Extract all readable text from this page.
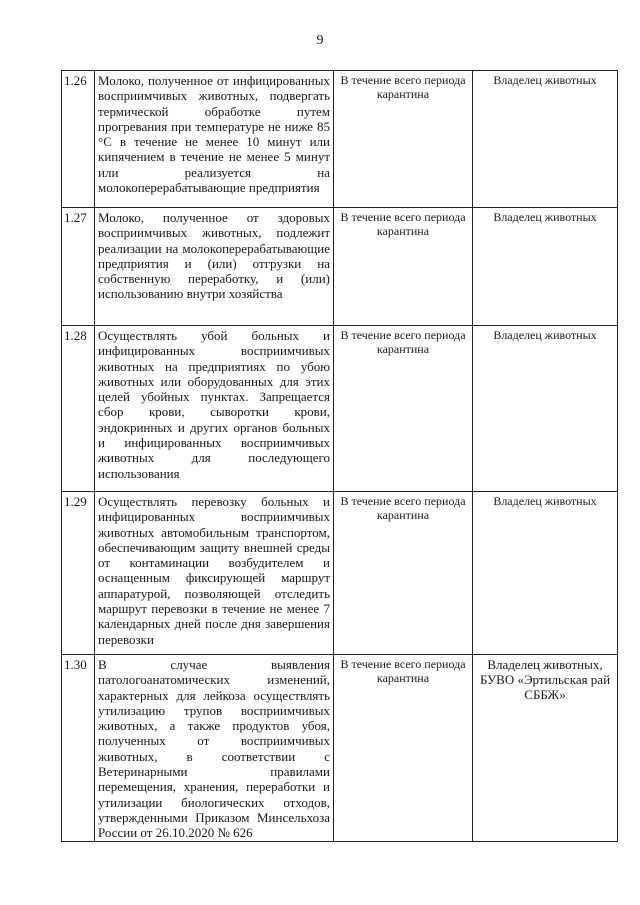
9
1.26	Молоко, полученное от инфицированных восприимчивых животных, подвергать термической обработке путем прогревания при температуре не ниже 85 °С в течение не менее 10 минут или кипячением в течение не менее 5 минут или реализуется на молокоперерабатывающие предприятия	В течение всего периода карантина	Владелец животных
1.27	Молоко, полученное от здоровых восприимчивых животных, подлежит реализации на молокоперерабатывающие предприятия и (или) отгрузки на собственную переработку, и (или) использованию внутри хозяйства	В течение всего периода карантина	Владелец животных
1.28	Осуществлять убой больных и инфицированных восприимчивых животных на предприятиях по убою животных или оборудованных для этих целей убойных пунктах. Запрещается сбор крови, сыворотки крови, эндокринных и других органов больных и инфицированных восприимчивых животных для последующего использования	В течение всего периода карантина	Владелец животных
1.29	Осуществлять перевозку больных и инфицированных восприимчивых животных автомобильным транспортом, обеспечивающим защиту внешней среды от контаминации возбудителем и оснащенным фиксирующей маршрут аппаратурой, позволяющей отследить маршрут перевозки в течение не менее 7 календарных дней после дня завершения перевозки	В течение всего периода карантина	Владелец животных
1.30	В случае выявления патологоанатомических изменений, характерных для лейкоза осуществлять утилизацию трупов восприимчивых животных, а также продуктов убоя, полученных от восприимчивых животных, в соответствии с Ветеринарными правилами перемещения, хранения, переработки и утилизации биологических отходов, утвержденными Приказом Минсельхоза России от 26.10.2020 № 626	В течение всего периода карантина	Владелец животных, БУВО «Эртильская рай СББЖ»
